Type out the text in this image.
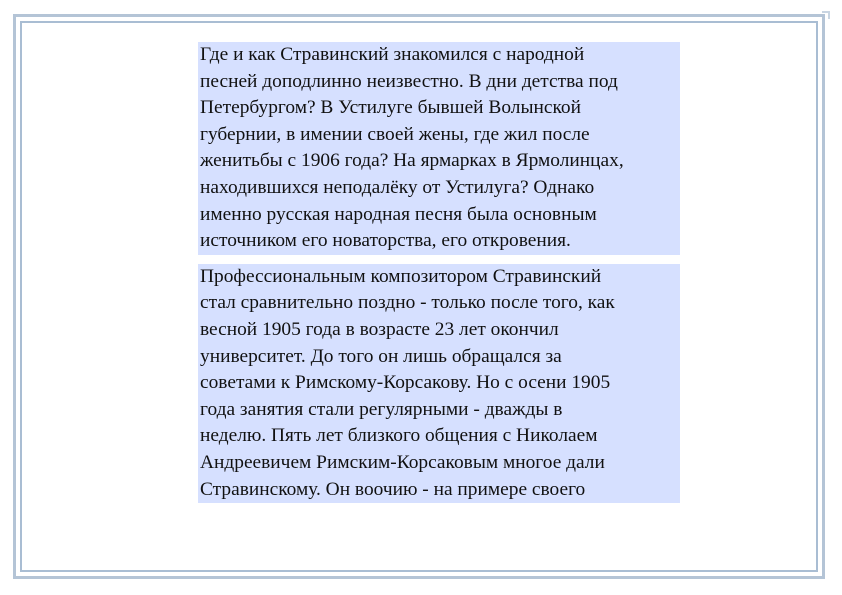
Где и как Стравинский знакомился с народной
песней доподлинно неизвестно. В дни детства под
Петербургом? В Устилуге бывшей Волынской
губернии, в имении своей жены, где жил после
женитьбы с 1906 года? На ярмарках в Ярмолинцах,
находившихся неподалёку от Устилуга? Однако
именно русская народная песня была основным
источником его новаторства, его откровения.

Профессиональным композитором Стравинский
стал сравнительно поздно - только после того, как
весной 1905 года в возрасте 23 лет окончил
университет. До того он лишь обращался за
советами к Римскому-Корсакову. Но с осени 1905
года занятия стали регулярными - дважды в
неделю. Пять лет близкого общения с Николаем
Андреевичем Римским-Корсаковым многое дали
Стравинскому. Он воочию - на примере своего
